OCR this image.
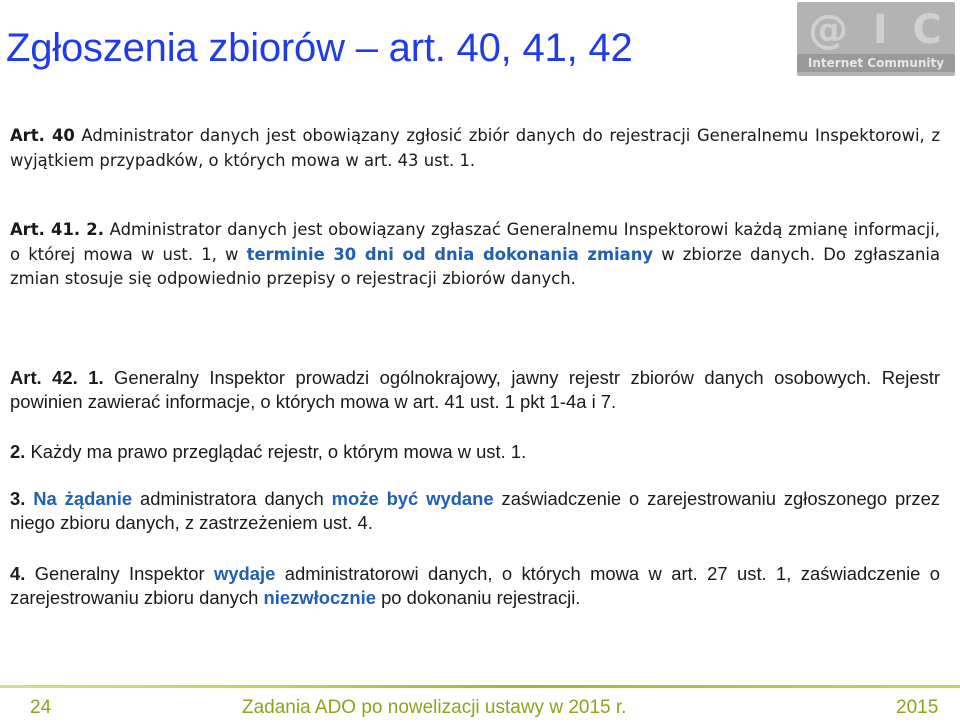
Zgłoszenia zbiorów – art. 40, 41, 42	@ I C
Internet Community

Art. 40 Administrator danych jest obowiązany zgłosić zbiór danych do rejestracji Generalnemu Inspektorowi, z wyjątkiem przypadków, o których mowa w art. 43 ust. 1.

Art. 41. 2. Administrator danych jest obowiązany zgłaszać Generalnemu Inspektorowi każdą zmianę informacji, o której mowa w ust. 1, w terminie 30 dni od dnia dokonania zmiany w zbiorze danych. Do zgłaszania zmian stosuje się odpowiednio przepisy o rejestracji zbiorów danych.

Art. 42. 1. Generalny Inspektor prowadzi ogólnokrajowy, jawny rejestr zbiorów danych osobowych. Rejestr powinien zawierać informacje, o których mowa w art. 41 ust. 1 pkt 1-4a i 7.

2. Każdy ma prawo przeglądać rejestr, o którym mowa w ust. 1.

3. Na żądanie administratora danych może być wydane zaświadczenie o zarejestrowaniu zgłoszonego przez niego zbioru danych, z zastrzeżeniem ust. 4.

4. Generalny Inspektor wydaje administratorowi danych, o których mowa w art. 27 ust. 1, zaświadczenie o zarejestrowaniu zbioru danych niezwłocznie po dokonaniu rejestracji.

24	Zadania ADO po nowelizacji ustawy w 2015 r.	2015
